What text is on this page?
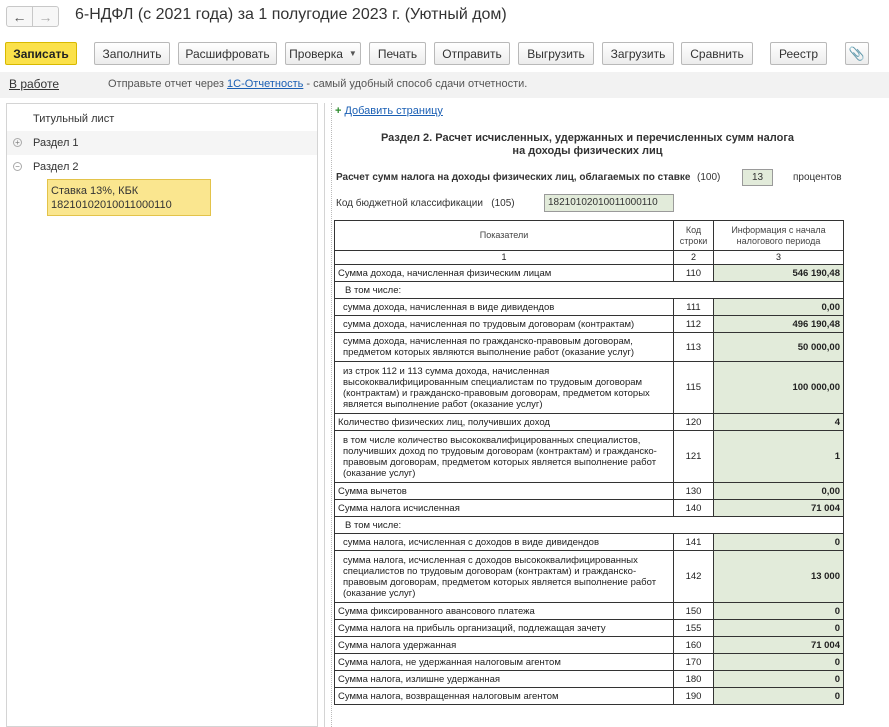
← → 6-НДФЛ (с 2021 года) за 1 полугодие 2023 г. (Уютный дом)
Записать	Заполнить	Расшифровать	Проверка ▼	Печать	Отправить	Выгрузить	Загрузить	Сравнить	Реестр	📎
В работе	Отправьте отчет через 1С-Отчетность - самый удобный способ сдачи отчетности.
Титульный лист
+ Раздел 1
− Раздел 2
Ставка 13%, КБК
18210102010011000110
+ Добавить страницу
Раздел 2. Расчет исчисленных, удержанных и перечисленных сумм налога
на доходы физических лиц
Расчет сумм налога на доходы физических лиц, облагаемых по ставке (100)	13	процентов
Код бюджетной классификации (105)	18210102010011000110
Показатели	Код строки	Информация с начала налогового периода
1	2	3
Сумма дохода, начисленная физическим лицам	110	546 190,48
В том числе:		
сумма дохода, начисленная в виде дивидендов	111	0,00
сумма дохода, начисленная по трудовым договорам (контрактам)	112	496 190,48
сумма дохода, начисленная по гражданско-правовым договорам, предметом которых являются выполнение работ (оказание услуг)	113	50 000,00
из строк 112 и 113 сумма дохода, начисленная высококвалифицированным специалистам по трудовым договорам (контрактам) и гражданско-правовым договорам, предметом которых является выполнение работ (оказание услуг)	115	100 000,00
Количество физических лиц, получивших доход	120	4
в том числе количество высококвалифицированных специалистов, получивших доход по трудовым договорам (контрактам) и гражданско-правовым договорам, предметом которых является выполнение работ (оказание услуг)	121	1
Сумма вычетов	130	0,00
Сумма налога исчисленная	140	71 004
В том числе:		
сумма налога, исчисленная с доходов в виде дивидендов	141	0
сумма налога, исчисленная с доходов высококвалифицированных специалистов по трудовым договорам (контрактам) и гражданско-правовым договорам, предметом которых является выполнение работ (оказание услуг)	142	13 000
Сумма фиксированного авансового платежа	150	0
Сумма налога на прибыль организаций, подлежащая зачету	155	0
Сумма налога удержанная	160	71 004
Сумма налога, не удержанная налоговым агентом	170	0
Сумма налога, излишне удержанная	180	0
Сумма налога, возвращенная налоговым агентом	190	0
